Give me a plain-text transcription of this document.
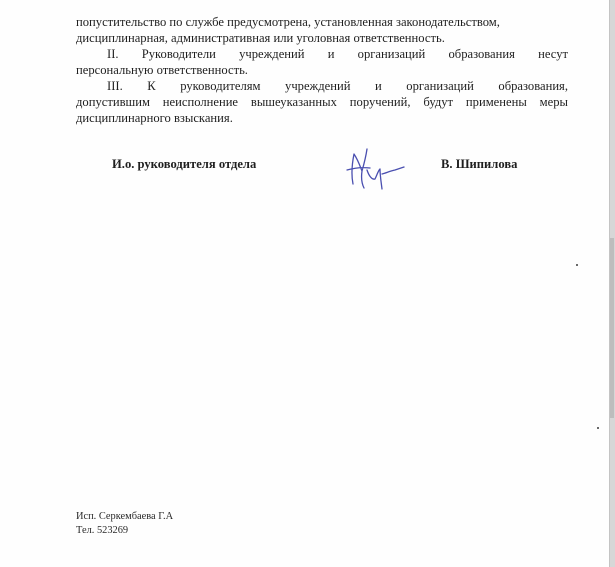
попустительство по службе предусмотрена, установленная законодательством,

дисциплинарная, административная или уголовная ответственность.

II. Руководители учреждений и организаций образования несут

персональную ответственность.

III. К руководителям учреждений и организаций образования,

допустившим неисполнение вышеуказанных поручений, будут применены меры

дисциплинарного взыскания.

И.о. руководителя отдела	В. Шипилова

Исп. Серкембаева Г.А

Тел. 523269
